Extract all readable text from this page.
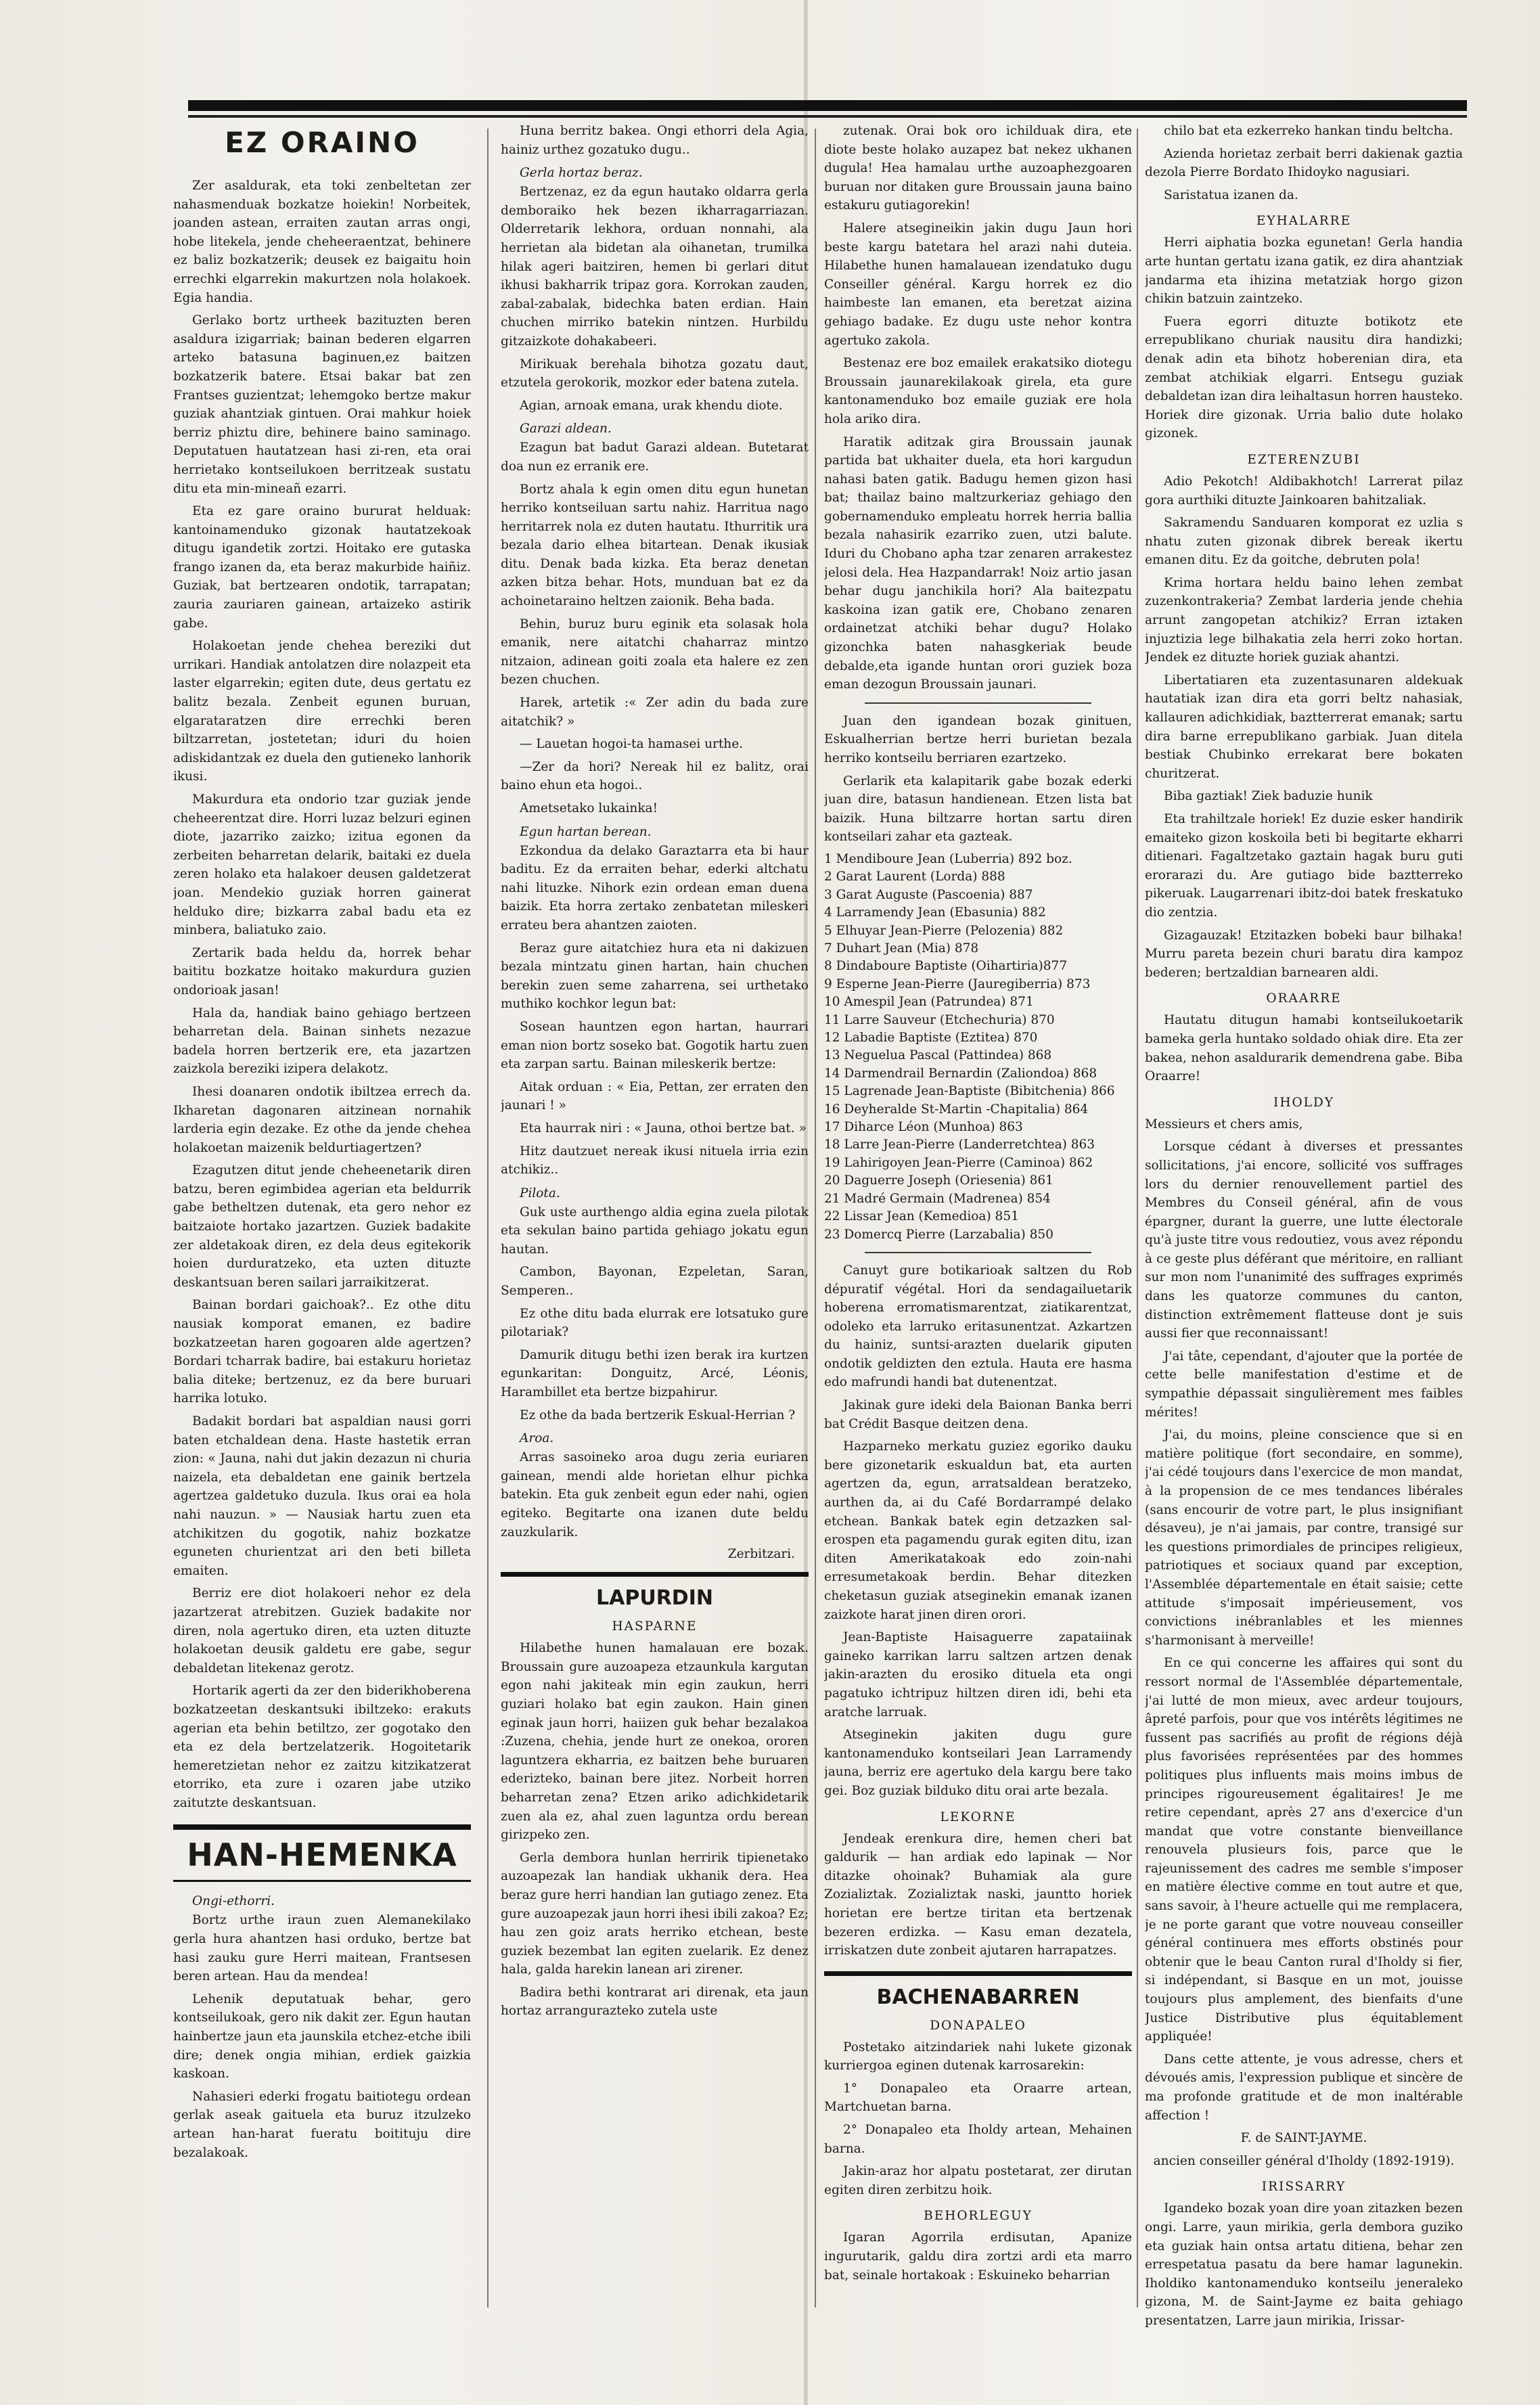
EZ ORAINO

Zer asaldurak, eta toki zenbeltetan zer nahasmenduak bozkatze hoiekin! Norbeitek, joanden astean, erraiten zautan arras ongi, hobe litekela, jende cheheeraentzat, behinere ez baliz bozkatzerik; deusek ez baigaitu hoin errechki elgarrekin makurtzen nola holakoek. Egia handia.

Gerlako bortz urtheek bazituzten beren asaldura izigarriak; bainan bederen elgarren arteko batasuna baginuen,ez baitzen bozkatzerik batere. Etsai bakar bat zen Frantses guzientzat; lehemgoko bertze makur guziak ahantziak gintuen. Orai mahkur hoiek berriz phiztu dire, behinere baino saminago. Deputatuen hautatzean hasi zi-ren, eta orai herrietako kontseilukoen berritzeak sustatu ditu eta min-mineañ ezarri.

Eta ez gare oraino bururat helduak: kantoinamenduko gizonak hautatzekoak ditugu igandetik zortzi. Hoitako ere gutaska frango izanen da, eta beraz makurbide haiñiz. Guziak, bat bertzearen ondotik, tarrapatan; zauria zauriaren gainean, artaizeko astirik gabe.

Holakoetan jende chehea bereziki dut urrikari. Handiak antolatzen dire nolazpeit eta laster elgarrekin; egiten dute, deus gertatu ez balitz bezala. Zenbeit egunen buruan, elgarataratzen dire errechki beren biltzarretan, jostetetan; iduri du hoien adiskidantzak ez duela den gutieneko lanhorik ikusi.

Makurdura eta ondorio tzar guziak jende cheheerentzat dire. Horri luzaz belzuri eginen diote, jazarriko zaizko; izitua egonen da zerbeiten beharretan delarik, baitaki ez duela zeren holako eta halakoer deusen galdetzerat joan. Mendekio guziak horren gainerat helduko dire; bizkarra zabal badu eta ez minbera, baliatuko zaio.

Zertarik bada heldu da, horrek behar baititu bozkatze hoitako makurdura guzien ondorioak jasan!

Hala da, handiak baino gehiago bertzeen beharretan dela. Bainan sinhets nezazue badela horren bertzerik ere, eta jazartzen zaizkola bereziki izipera delakotz.

Ihesi doanaren ondotik ibiltzea errech da. Ikharetan dagonaren aitzinean nornahik larderia egin dezake. Ez othe da jende chehea holakoetan maizenik beldurtiagertzen?

Ezagutzen ditut jende cheheenetarik diren batzu, beren egimbidea agerian eta beldurrik gabe betheltzen dutenak, eta gero nehor ez baitzaiote hortako jazartzen. Guziek badakite zer aldetakoak diren, ez dela deus egitekorik hoien durduratzeko, eta uzten dituzte deskantsuan beren sailari jarraikitzerat.

Bainan bordari gaichoak?.. Ez othe ditu nausiak komporat emanen, ez badire bozkatzeetan haren gogoaren alde agertzen? Bordari tcharrak badire, bai estakuru horietaz balia diteke; bertzenuz, ez da bere buruari harrika lotuko.

Badakit bordari bat aspaldian nausi gorri baten etchaldean dena. Haste hastetik erran zion: « Jauna, nahi dut jakin dezazun ni churia naizela, eta debaldetan ene gainik bertzela agertzea galdetuko duzula. Ikus orai ea hola nahi nauzun. » — Nausiak hartu zuen eta atchikitzen du gogotik, nahiz bozkatze eguneten churientzat ari den beti billeta emaiten.

Berriz ere diot holakoeri nehor ez dela jazartzerat atrebitzen. Guziek badakite nor diren, nola agertuko diren, eta uzten dituzte holakoetan deusik galdetu ere gabe, segur debaldetan litekenaz gerotz.

Hortarik agerti da zer den biderikhoberena bozkatzeetan deskantsuki ibiltzeko: erakuts agerian eta behin betiltzo, zer gogotako den eta ez dela bertzelatzerik. Hogoitetarik hemeretzietan nehor ez zaitzu kitzikatzerat etorriko, eta zure i ozaren jabe utziko zaitutzte deskantsuan.

HAN-HEMENKA
Ongi-ethorri.

Bortz urthe iraun zuen Alemanekilako gerla hura ahantzen hasi orduko, bertze bat hasi zauku gure Herri maitean, Frantsesen beren artean. Hau da mendea!

Lehenik deputatuak behar, gero kontseilukoak, gero nik dakit zer. Egun hautan hainbertze jaun eta jaunskila etchez-etche ibili dire; denek ongia mihian, erdiek gaizkia kaskoan.

Nahasieri ederki frogatu baitiotegu ordean gerlak aseak gaituela eta buruz itzulzeko artean han-harat fueratu boitituju dire bezalakoak.

Huna berritz bakea. Ongi ethorri dela Agia, hainiz urthez gozatuko dugu..

Gerla hortaz beraz.

Bertzenaz, ez da egun hautako oldarra gerla demboraiko hek bezen ikharragarriazan. Olderretarik lekhora, orduan nonnahi, ala herrietan ala bidetan ala oihanetan, trumilka hilak ageri baitziren, hemen bi gerlari ditut ikhusi bakharrik tripaz gora. Korrokan zauden, zabal-zabalak, bidechka baten erdian. Hain chuchen mirriko batekin nintzen. Hurbildu gitzaizkote dohakabeeri.

Mirikuak berehala bihotza gozatu daut, etzutela gerokorik, mozkor eder batena zutela.

Agian, arnoak emana, urak khendu diote.

Garazi aldean.

Ezagun bat badut Garazi aldean. Butetarat doa nun ez erranik ere.

Bortz ahala k egin omen ditu egun hunetan herriko kontseiluan sartu nahiz. Harritua nago herritarrek nola ez duten hautatu. Ithurritik ura bezala dario elhea bitartean. Denak ikusiak ditu. Denak bada kizka. Eta beraz denetan azken bitza behar. Hots, munduan bat ez da achoinetaraino heltzen zaionik. Beha bada.

Behin, buruz buru eginik eta solasak hola emanik, nere aitatchi chaharraz mintzo nitzaion, adinean goiti zoala eta halere ez zen bezen chuchen.

Harek, artetik :« Zer adin du bada zure aitatchik? »

— Lauetan hogoi-ta hamasei urthe.

—Zer da hori? Nereak hil ez balitz, orai baino ehun eta hogoi..

Ametsetako lukainka!

Egun hartan berean.

Ezkondua da delako Garaztarra eta bi haur baditu. Ez da erraiten behar, ederki altchatu nahi lituzke. Nihork ezin ordean eman duena baizik. Eta horra zertako zenbatetan mileskeri errateu bera ahantzen zaioten.

Beraz gure aitatchiez hura eta ni dakizuen bezala mintzatu ginen hartan, hain chuchen berekin zuen seme zaharrena, sei urthetako muthiko kochkor legun bat:

Sosean hauntzen egon hartan, haurrari eman nion bortz soseko bat. Gogotik hartu zuen eta zarpan sartu. Bainan mileskerik bertze:

Aitak orduan : « Eia, Pettan, zer erraten den jaunari ! »

Eta haurrak niri : « Jauna, othoi bertze bat. »

Hitz dautzuet nereak ikusi nituela irria ezin atchikiz..

Pilota.

Guk uste aurthengo aldia egina zuela pilotak eta sekulan baino partida gehiago jokatu egun hautan.

Cambon, Bayonan, Ezpeletan, Saran, Semperen..

Ez othe ditu bada elurrak ere lotsatuko gure pilotariak?

Damurik ditugu bethi izen berak ira kurtzen egunkaritan: Donguitz, Arcé, Léonis, Harambillet eta bertze bizpahirur.

Ez othe da bada bertzerik Eskual-Herrian ?

Aroa.

Arras sasoineko aroa dugu zeria euriaren gainean, mendi alde horietan elhur pichka batekin. Eta guk zenbeit egun eder nahi, ogien egiteko. Begitarte ona izanen dute beldu zauzkularik.

Zerbitzari.
LAPURDIN
HASPARNE

Hilabethe hunen hamalauan ere bozak. Broussain gure auzoapeza etzaunkula kargutan egon nahi jakiteak min egin zaukun, herri guziari holako bat egin zaukon. Hain ginen eginak jaun horri, haiizen guk behar bezalakoa :Zuzena, chehia, jende hurt ze onekoa, ororen laguntzera ekharria, ez baitzen behe buruaren ederizteko, bainan bere jitez. Norbeit horren beharretan zena? Etzen ariko adichkidetarik zuen ala ez, ahal zuen laguntza ordu berean girizpeko zen.

Gerla dembora hunlan herririk tipienetako auzoapezak lan handiak ukhanik dera. Hea beraz gure herri handian lan gutiago zenez. Eta gure auzoapezak jaun horri ihesi ibili zakoa? Ez; hau zen goiz arats herriko etchean, beste guziek bezembat lan egiten zuelarik. Ez denez hala, galda harekin lanean ari zirener.

Badira bethi kontrarat ari direnak, eta jaun hortaz arrangurazteko zutela uste

zutenak. Orai bok oro ichilduak dira, ete diote beste holako auzapez bat nekez ukhanen dugula! Hea hamalau urthe auzoaphezgoaren buruan nor ditaken gure Broussain jauna baino estakuru gutiagorekin!

Halere atsegineikin jakin dugu Jaun hori beste kargu batetara hel arazi nahi duteia. Hilabethe hunen hamalauean izendatuko dugu Conseiller général. Kargu horrek ez dio haimbeste lan emanen, eta beretzat aizina gehiago badake. Ez dugu uste nehor kontra agertuko zakola.

Bestenaz ere boz emailek erakatsiko diotegu Broussain jaunarekilakoak girela, eta gure kantonamenduko boz emaile guziak ere hola hola ariko dira.

Haratik aditzak gira Broussain jaunak partida bat ukhaiter duela, eta hori kargudun nahasi baten gatik. Badugu hemen gizon hasi bat; thailaz baino maltzurkeriaz gehiago den gobernamenduko empleatu horrek herria ballia bezala nahasirik ezarriko zuen, utzi balute. Iduri du Chobano apha tzar zenaren arrakestez jelosi dela. Hea Hazpandarrak! Noiz artio jasan behar dugu janchikila hori? Ala baitezpatu kaskoina izan gatik ere, Chobano zenaren ordainetzat atchiki behar dugu? Holako gizonchka baten nahasgkeriak beude debalde,eta igande huntan orori guziek boza eman dezogun Broussain jaunari.

Juan den igandean bozak ginituen, Eskualherrian bertze herri burietan bezala herriko kontseilu berriaren ezartzeko.

Gerlarik eta kalapitarik gabe bozak ederki juan dire, batasun handienean. Etzen lista bat baizik. Huna biltzarre hortan sartu diren kontseilari zahar eta gazteak.

1 Mendiboure Jean (Luberria) 892 boz.
2 Garat Laurent (Lorda) 888
3 Garat Auguste (Pascoenia) 887
4 Larramendy Jean (Ebasunia) 882
5 Elhuyar Jean-Pierre (Pelozenia) 882
7 Duhart Jean (Mia) 878
8 Dindaboure Baptiste (Oihartiria)877
9 Esperne Jean-Pierre (Jauregiberria) 873
10 Amespil Jean (Patrundea) 871
11 Larre Sauveur (Etchechuria) 870
12 Labadie Baptiste (Eztitea) 870
13 Neguelua Pascal (Pattindea) 868
14 Darmendrail Bernardin (Zaliondoa) 868
15 Lagrenade Jean-Baptiste (Bibitchenia) 866
16 Deyheralde St-Martin -Chapitalia) 864
17 Diharce Léon (Munhoa) 863
18 Larre Jean-Pierre (Landerretchtea) 863
19 Lahirigoyen Jean-Pierre (Caminoa) 862
20 Daguerre Joseph (Oriesenia) 861
21 Madré Germain (Madrenea) 854
22 Lissar Jean (Kemedioa) 851
23 Domercq Pierre (Larzabalia) 850

Canuyt gure botikarioak saltzen du Rob dépuratif végétal. Hori da sendagailuetarik hoberena erromatismarentzat, ziatikarentzat, odoleko eta larruko eritasunentzat. Azkartzen du hainiz, suntsi-arazten duelarik giputen ondotik geldizten den eztula. Hauta ere hasma edo mafrundi handi bat dutenentzat.

Jakinak gure ideki dela Baionan Banka berri bat Crédit Basque deitzen dena.

Hazparneko merkatu guziez egoriko dauku bere gizonetarik eskualdun bat, eta aurten agertzen da, egun, arratsaldean beratzeko, aurthen da, ai du Café Bordarrampé delako etchean. Bankak batek egin detzazken sal-erospen eta pagamendu gurak egiten ditu, izan diten Amerikatakoak edo zoin-nahi erresumetakoak berdin. Behar ditezken cheketasun guziak atseginekin emanak izanen zaizkote harat jinen diren orori.

Jean-Baptiste Haisaguerre zapataiinak gaineko karrikan larru saltzen artzen denak jakin-arazten du erosiko dituela eta ongi pagatuko ichtripuz hiltzen diren idi, behi eta aratche larruak.

Atseginekin jakiten dugu gure kantonamenduko kontseilari Jean Larramendy jauna, berriz ere agertuko dela kargu bere tako gei. Boz guziak bilduko ditu orai arte bezala.

LEKORNE

Jendeak erenkura dire, hemen cheri bat galdurik — han ardiak edo lapinak — Nor ditazke ohoinak? Buhamiak ala gure Zozializtak. Zozializtak naski, jauntto horiek horietan ere bertze tiritan eta bertzenak bezeren erdizka. — Kasu eman dezatela, irriskatzen dute zonbeit ajutaren harrapatzes.

BACHENABARREN
DONAPALEO

Postetako aitzindariek nahi lukete gizonak kurriergoa eginen dutenak karrosarekin:

1° Donapaleo eta Oraarre artean, Martchuetan barna.

2° Donapaleo eta Iholdy artean, Mehainen barna.

Jakin-araz hor alpatu postetarat, zer dirutan egiten diren zerbitzu hoik.

BEHORLEGUY

Igaran Agorrila erdisutan, Apanize ingurutarik, galdu dira zortzi ardi eta marro bat, seinale hortakoak : Eskuineko beharrian

chilo bat eta ezkerreko hankan tindu beltcha.

Azienda horietaz zerbait berri dakienak gaztia dezola Pierre Bordato Ihidoyko nagusiari.

Saristatua izanen da.

EYHALARRE

Herri aiphatia bozka egunetan! Gerla handia arte huntan gertatu izana gatik, ez dira ahantziak jandarma eta ihizina metatziak horgo gizon chikin batzuin zaintzeko.

Fuera egorri dituzte botikotz ete errepublikano churiak nausitu dira handizki; denak adin eta bihotz hoberenian dira, eta zembat atchikiak elgarri. Entsegu guziak debaldetan izan dira leihaltasun horren hausteko. Horiek dire gizonak. Urria balio dute holako gizonek.

EZTERENZUBI

Adio Pekotch! Aldibakhotch! Larrerat pilaz gora aurthiki dituzte Jainkoaren bahitzaliak.

Sakramendu Sanduaren komporat ez uzlia s nhatu zuten gizonak dibrek bereak ikertu emanen ditu. Ez da goitche, debruten pola!

Krima hortara heldu baino lehen zembat zuzenkontrakeria? Zembat larderia jende chehia arrunt zangopetan atchikiz? Erran iztaken injuztizia lege bilhakatia zela herri zoko hortan. Jendek ez dituzte horiek guziak ahantzi.

Libertatiaren eta zuzentasunaren aldekuak hautatiak izan dira eta gorri beltz nahasiak, kallauren adichkidiak, baztterrerat emanak; sartu dira barne errepublikano garbiak. Juan ditela bestiak Chubinko errekarat bere bokaten churitzerat.

Biba gaztiak! Ziek baduzie hunik

Eta trahiltzale horiek! Ez duzie esker handirik emaiteko gizon koskoila beti bi begitarte ekharri ditienari. Fagaltzetako gaztain hagak buru guti erorarazi du. Are gutiago bide baztterreko pikeruak. Laugarrenari ibitz-doi batek freskatuko dio zentzia.

Gizagauzak! Etzitazken bobeki baur bilhaka! Murru pareta bezein churi baratu dira kampoz bederen; bertzaldian barnearen aldi.

ORAARRE

Hautatu ditugun hamabi kontseilukoetarik bameka gerla huntako soldado ohiak dire. Eta zer bakea, nehon asaldurarik demendrena gabe. Biba Oraarre!

IHOLDY

Messieurs et chers amis,

Lorsque cédant à diverses et pressantes sollicitations, j'ai encore, sollicité vos suffrages lors du dernier renouvellement partiel des Membres du Conseil général, afin de vous épargner, durant la guerre, une lutte électorale qu'à juste titre vous redoutiez, vous avez répondu à ce geste plus déférant que méritoire, en ralliant sur mon nom l'unanimité des suffrages exprimés dans les quatorze communes du canton, distinction extrêmement flatteuse dont je suis aussi fier que reconnaissant!

J'ai tâte, cependant, d'ajouter que la portée de cette belle manifestation d'estime et de sympathie dépassait singulièrement mes faibles mérites!

J'ai, du moins, pleine conscience que si en matière politique (fort secondaire, en somme), j'ai cédé toujours dans l'exercice de mon mandat, à la propension de ce mes tendances libérales (sans encourir de votre part, le plus insignifiant désaveu), je n'ai jamais, par contre, transigé sur les questions primordiales de principes religieux, patriotiques et sociaux quand par exception, l'Assemblée départementale en était saisie; cette attitude s'imposait impérieusement, vos convictions inébranlables et les miennes s'harmonisant à merveille!

En ce qui concerne les affaires qui sont du ressort normal de l'Assemblée départementale, j'ai lutté de mon mieux, avec ardeur toujours, âpreté parfois, pour que vos intérêts légitimes ne fussent pas sacrifiés au profit de régions déjà plus favorisées représentées par des hommes politiques plus influents mais moins imbus de principes rigoureusement égalitaires! Je me retire cependant, après 27 ans d'exercice d'un mandat que votre constante bienveillance renouvela plusieurs fois, parce que le rajeunissement des cadres me semble s'imposer en matière élective comme en tout autre et que, sans savoir, à l'heure actuelle qui me remplacera, je ne porte garant que votre nouveau conseiller général continuera mes efforts obstinés pour obtenir que le beau Canton rural d'Iholdy si fier, si indépendant, si Basque en un mot, jouisse toujours plus amplement, des bienfaits d'une Justice Distributive plus équitablement appliquée!

Dans cette attente, je vous adresse, chers et dévoués amis, l'expression publique et sincère de ma profonde gratitude et de mon inaltérable affection !

F. de SAINT-JAYME.

ancien conseiller général d'Iholdy (1892-1919).

IRISSARRY

Igandeko bozak yoan dire yoan zitazken bezen ongi. Larre, yaun mirikia, gerla dembora guziko eta guziak hain ontsa artatu ditiena, behar zen errespetatua pasatu da bere hamar lagunekin. Iholdiko kantonamenduko kontseilu jeneraleko gizona, M. de Saint-Jayme ez baita gehiago presentatzen, Larre jaun mirikia, Irissar-
